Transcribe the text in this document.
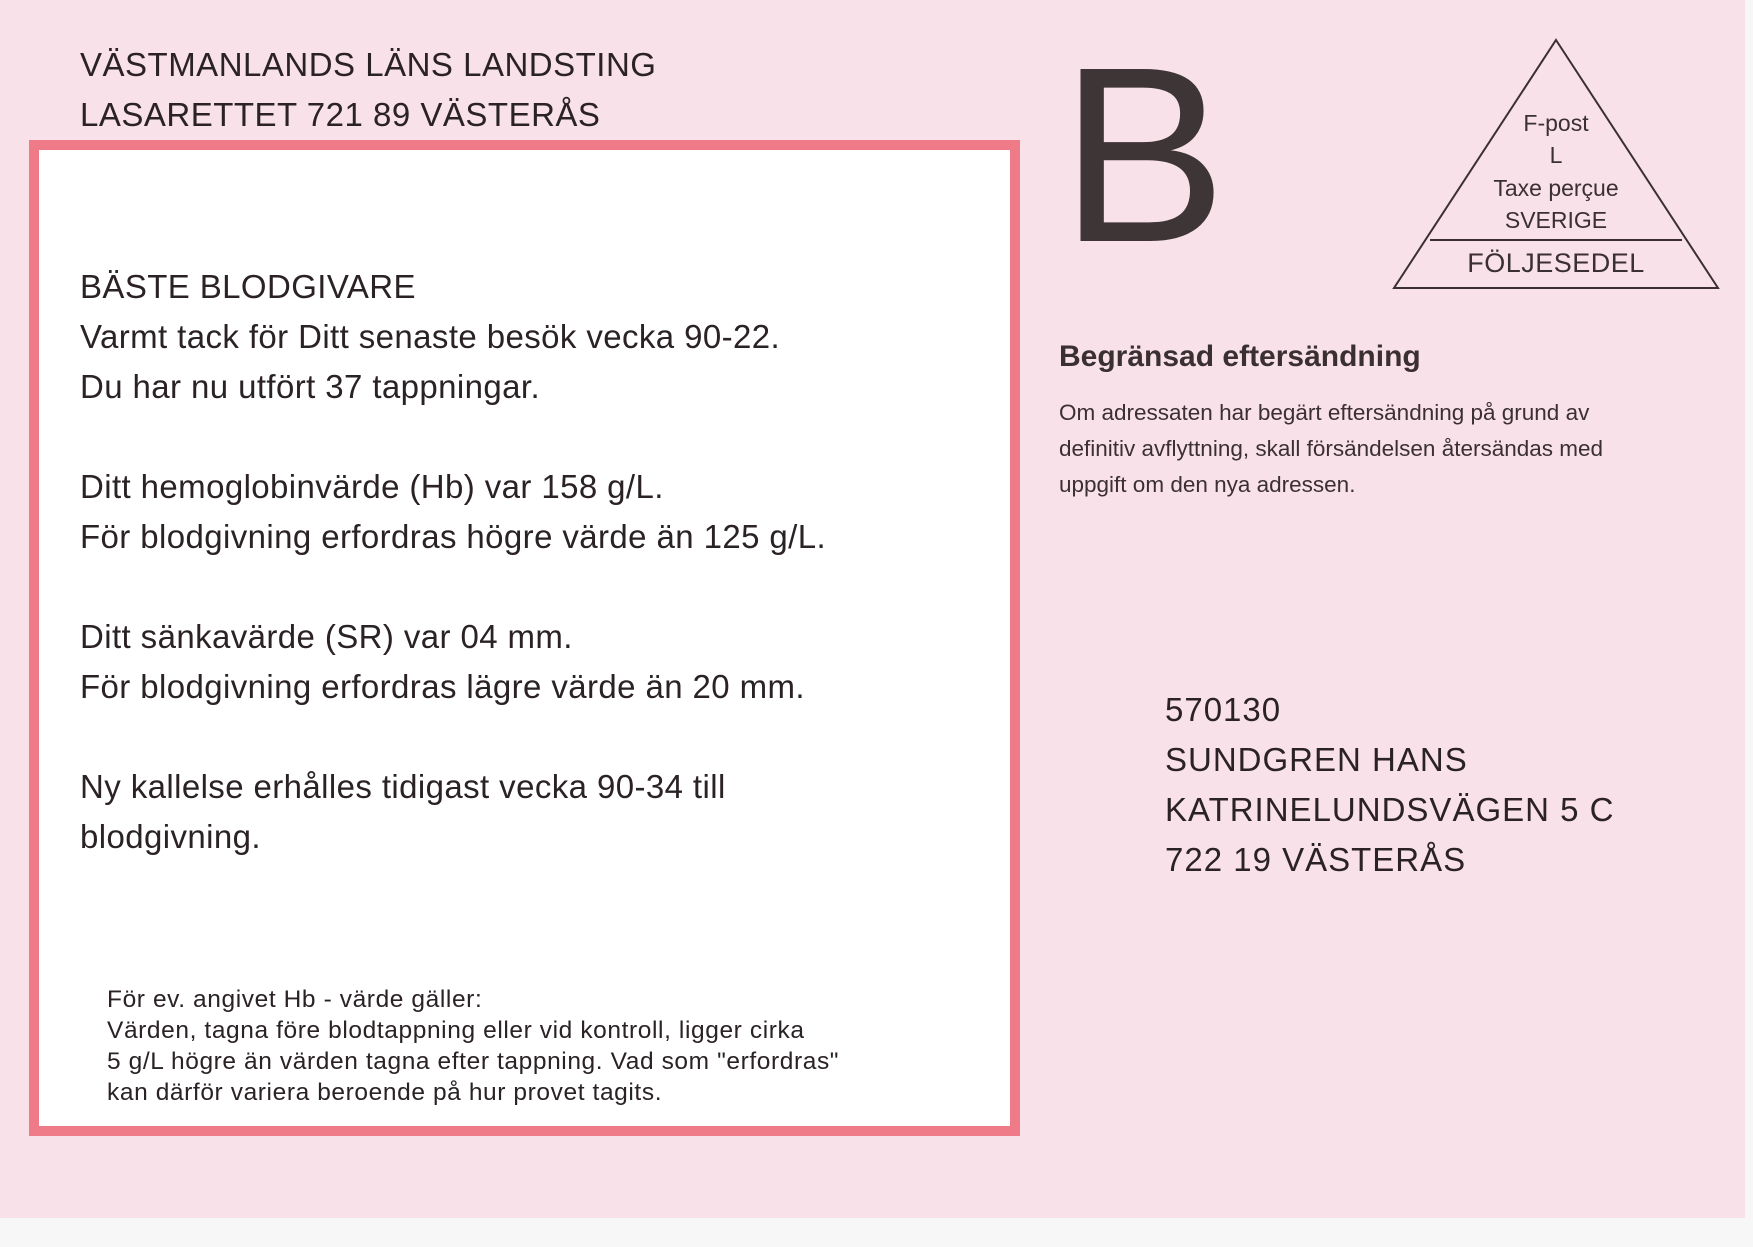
VÄSTMANLANDS LÄNS LANDSTING
LASARETTET 721 89 VÄSTERÅS
BÄSTE BLODGIVARE
Varmt tack för Ditt senaste besök vecka 90-22.
Du har nu utfört 37 tappningar.
Ditt hemoglobinvärde (Hb) var 158 g/L.
För blodgivning erfordras högre värde än 125 g/L.
Ditt sänkavärde (SR) var 04 mm.
För blodgivning erfordras lägre värde än 20 mm.
Ny kallelse erhålles tidigast vecka 90-34 till
blodgivning.
För ev. angivet Hb - värde gäller:
Värden, tagna före blodtappning eller vid kontroll, ligger cirka
5 g/L högre än värden tagna efter tappning. Vad som "erfordras"
kan därför variera beroende på hur provet tagits.
B	F-post
L
Taxe perçue
SVERIGE
FÖLJESEDEL
Begränsad eftersändning
Om adressaten har begärt eftersändning på grund av
definitiv avflyttning, skall försändelsen återsändas med
uppgift om den nya adressen.
570130
SUNDGREN HANS
KATRINELUNDSVÄGEN 5 C
722 19 VÄSTERÅS
